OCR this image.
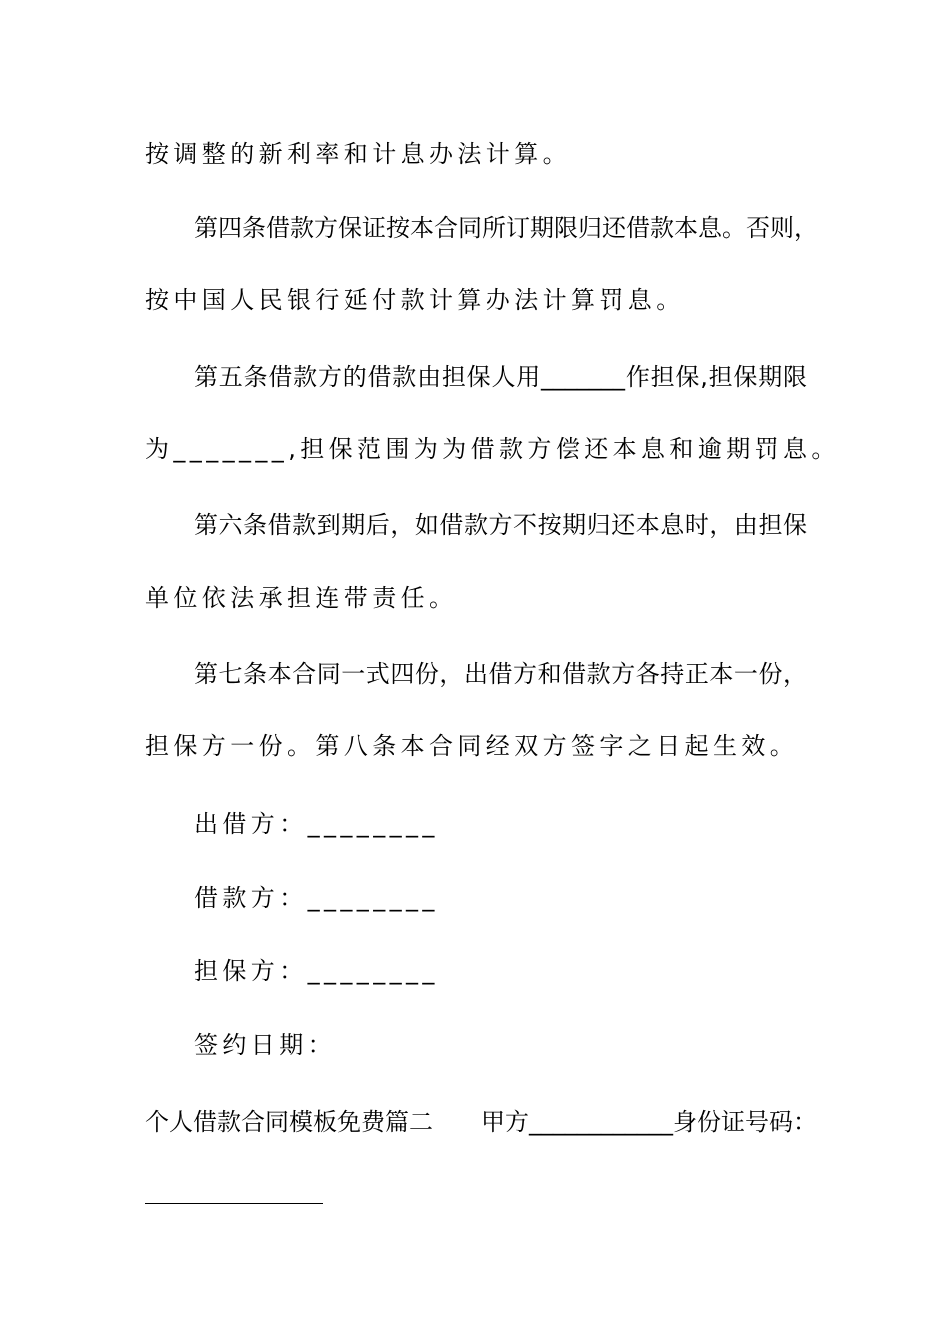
按调整的新利率和计息办法计算。
第四条借款方保证按本合同所订期限归还借款本息。否则，
按中国人民银行延付款计算办法计算罚息。
第五条借款方的借款由担保人用_______作担保,担保期限
为_______,担保范围为为借款方偿还本息和逾期罚息。
第六条借款到期后，如借款方不按期归还本息时，由担保
单位依法承担连带责任。
第七条本合同一式四份，出借方和借款方各持正本一份，
担保方一份。第八条本合同经双方签字之日起生效。
出借方：________
借款方：________
担保方：________
签约日期：
个人借款合同模板免费篇二　　甲方____________身份证号码：
